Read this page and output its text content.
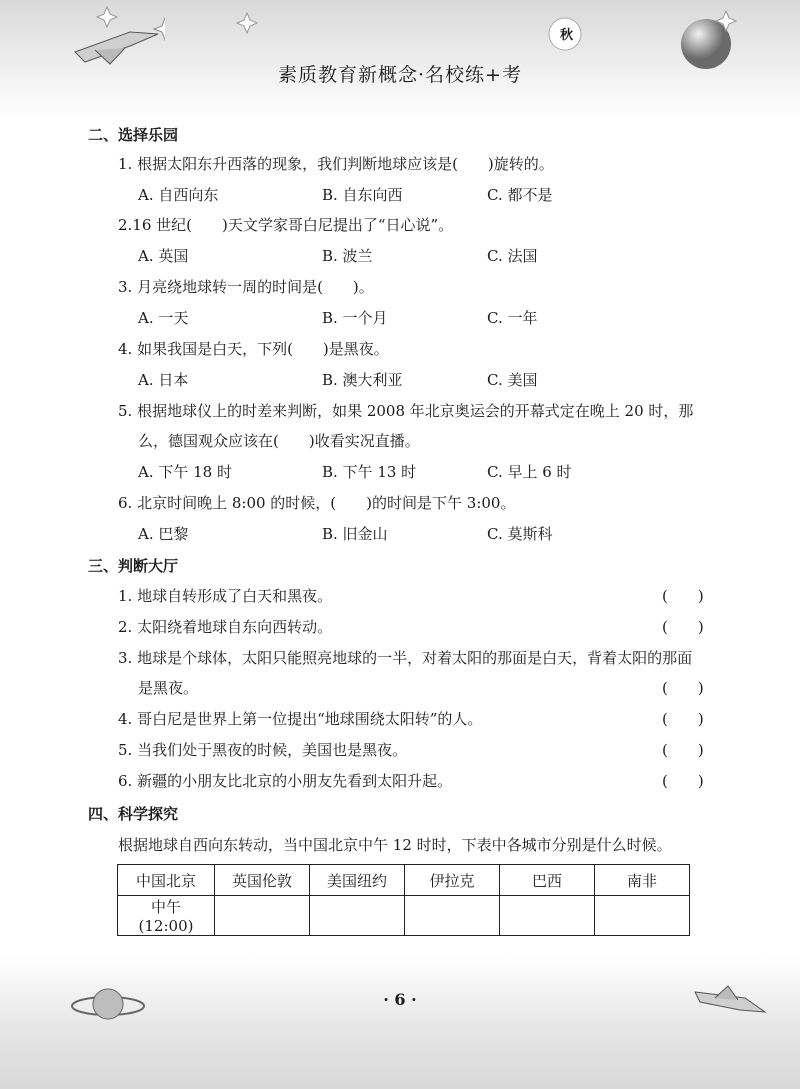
秋
素质教育新概念·名校练+考
二、选择乐园
1. 根据太阳东升西落的现象，我们判断地球应该是(　　)旋转的。
A. 自西向东	B. 自东向西	C. 都不是
2.16 世纪(　　)天文学家哥白尼提出了“日心说”。
A. 英国	B. 波兰	C. 法国
3. 月亮绕地球转一周的时间是(　　)。
A. 一天	B. 一个月	C. 一年
4. 如果我国是白天，下列(　　)是黑夜。
A. 日本	B. 澳大利亚	C. 美国
5. 根据地球仪上的时差来判断，如果 2008 年北京奥运会的开幕式定在晚上 20 时，那
么，德国观众应该在(　　)收看实况直播。
A. 下午 18 时	B. 下午 13 时	C. 早上 6 时
6. 北京时间晚上 8:00 的时候，(　　)的时间是下午 3:00。
A. 巴黎	B. 旧金山	C. 莫斯科
三、判断大厅
1. 地球自转形成了白天和黑夜。	(　　)
2. 太阳绕着地球自东向西转动。	(　　)
3. 地球是个球体，太阳只能照亮地球的一半，对着太阳的那面是白天，背着太阳的那面
是黑夜。	(　　)
4. 哥白尼是世界上第一位提出“地球围绕太阳转”的人。	(　　)
5. 当我们处于黑夜的时候，美国也是黑夜。	(　　)
6. 新疆的小朋友比北京的小朋友先看到太阳升起。	(　　)
四、科学探究
根据地球自西向东转动，当中国北京中午 12 时时，下表中各城市分别是什么时候。
中国北京	英国伦敦	美国纽约	伊拉克	巴西	南非
中午(12:00)					
· 6 ·
